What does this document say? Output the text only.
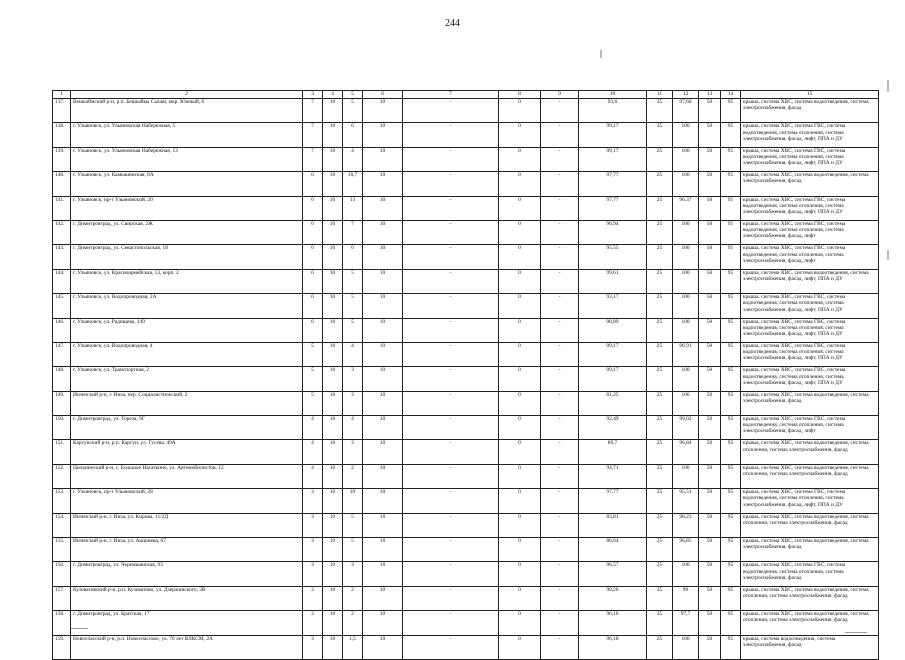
244
1	2	3	4	5	6	7	8	9	10	11	12	13	14	15
137.	Вешкаймский р-н, р.п. Бешкайма Сычан, мкр. Южный, 6	7	10	5	10	-	0	-	93,6	25	97,68	50	95	крыша, система ХВС, система водоотведения, система электроснабжения, фасад
138.	г. Ульяновск, ул. Ульяновская Набережная, 5	7	10	6	10	-	0	-	99,17	25	100	50	95	крыша, система ХВС, система ГВС, система водоотведения, система отопления, система электроснабжения, фасад, лифт, ППА и ДУ
139.	г. Ульяновск, ул. Ульяновская Набережная, 13	7	10	4	10	-	0	-	99,17	25	100	50	95	крыша, система ХВС, система ГВС, система водоотведения, система отопления, система электроснабжения, фасад, лифт, ППА и ДУ
140.	г. Ульяновск, ул. Камышинская, 8А	6	10	16,7	10	-	0	-	97,77	25	100	50	95	крыша, система ХВС, система водоотведения, система электроснабжения, фасад
141.	г. Ульяновск, пр-т Ульяновский, 20	6	10	13	10	-	0	-	97,77	25	96,37	50	95	крыша, система ХВС, система ГВС, система водоотведения, система отопления, система электроснабжения, фасад, лифт, ППА и ДУ
142.	г. Димитровград, ул. Свирская, 2Ж	6	10	7	10	-	0	-	96,94	25	100	50	95	крыша, система ХВС, система ГВС, система водоотведения, система отопления, система электроснабжения, фасад, лифт
143.	г. Димитровград, ул. Севастопольская, 18	6	10	6	10	-	0	-	95,55	25	100	50	95	крыша, система ХВС, система ГВС, система водоотведения, система отопления, система электроснабжения, фасад, лифт
144.	г. Ульяновск, ул. Красноармейская, 13, корп. 2	6	10	5	10	-	0	-	99,61	25	100	50	95	крыша, система ХВС, система водоотведения, система электроснабжения, фасад, лифт, ППА и ДУ
145.	г. Ульяновск, ул. Водопроводная, 2А	6	10	5	10	-	0	-	93,17	25	100	50	95	крыша, система ХВС, система ГВС, система водоотведения, система отопления, система электроснабжения, фасад, лифт, ППА и ДУ
146.	г. Ульяновск, ул. Радищева, 149	6	10	5	10	-	0	-	98,89	25	100	50	95	крыша, система ХВС, система ГВС, система водоотведения, система отопления, система электроснабжения, фасад, лифт, ППА и ДУ
147.	г. Ульяновск, ул. Водопроводная, 4	5	10	4	10	-	0	-	99,17	25	96,91	50	95	крыша, система ХВС, система ГВС, система водоотведения, система отопления, система электроснабжения, фасад, лифт, ППА и ДУ
148.	г. Ульяновск, ул. Транспортная, 2	5	10	3	10	-	0	-	99,17	25	100	50	95	крыша, система ХВС, система ГВС, система водоотведения, система отопления, система электроснабжения, фасад, лифт, ППА и ДУ
149.	Инзенский р-н, г. Инза, пер. Социалистический, 2	5	10	3	10	-	0	-	81,25	25	100	50	95	крыша, система ХВС, система водоотведения, система электроснабжения, фасад
150.	г. Димитровград, ул. Тореза, 9Г	4	10	4	10	-	0	-	92,49	25	99,02	50	95	крыша, система ХВС, система ГВС, система водоотведения, система отопления, система электроснабжения, фасад, лифт
151.	Карсунский р-н, р.п. Карсун, ул. Гусева, 49А	4	10	3	10	-	0	-	89,7	25	96,84	50	95	крыша, система ХВС, система водоотведения, система отопления, система электроснабжения, фасад
152.	Цильнинский р-н, с. Большое Нагаткино, ул. Автомобилистов, 12	4	10	2	10	-	0	-	94,71	25	100	50	95	крыша, система ХВС, система водоотведения, система отопления, система электроснабжения, фасад
153.	г. Ульяновск, пр-т Ульяновский, 28	3	10	10	10	-	0	-	97,77	25	95,51	50	95	крыша, система ХВС, система ГВС, система водоотведения, система отопления, система электроснабжения, фасад, лифт, ППА и ДУ
154.	Инзенский р-н, г. Инза, ул. Кирова, 11/2Д	3	10	5	10	-	0	-	83,81	25	98,23	50	95	крыша, система ХВС, система водоотведения, система отопления, система электроснабжения, фасад
155.	Инзенский р-н, г. Инза, ул. Ашшиева, 67	3	10	5	10	-	0	-	86,64	25	96,85	50	95	крыша, система ХВС, система водоотведения, система электроснабжения, фасад
156.	г. Димитровград, ул. Черемшанская, 93	3	10	3	10	-	0	-	96,57	25	100	50	95	крыша, система ХВС, система ГВС, система водоотведения, система отопления, система электроснабжения, фасад
157.	Кузоватовский р-н, р.п. Кузоватово, ул. Дзержинского, 3В	3	10	2	10	-	0	-	90,26	25	99	50	95	крыша, система ХВС, система водоотведения, система отопления, система электроснабжения, фасад
158.	г. Димитровград, ул. Братская, 17	3	10	2	10	-	0	-	96,16	25	97,7	50	95	крыша, система ХВС, система водоотведения, система отопления, система электроснабжения, фасад
159.	Новоспасский р-н, р.п. Новоспасское, ул. 70 лет ВЛКСМ, 2А	3	10	1,5	10	-	0	-	96,18	25	100	50	95	крыша, система водоотведения, система электроснабжения, фасад
